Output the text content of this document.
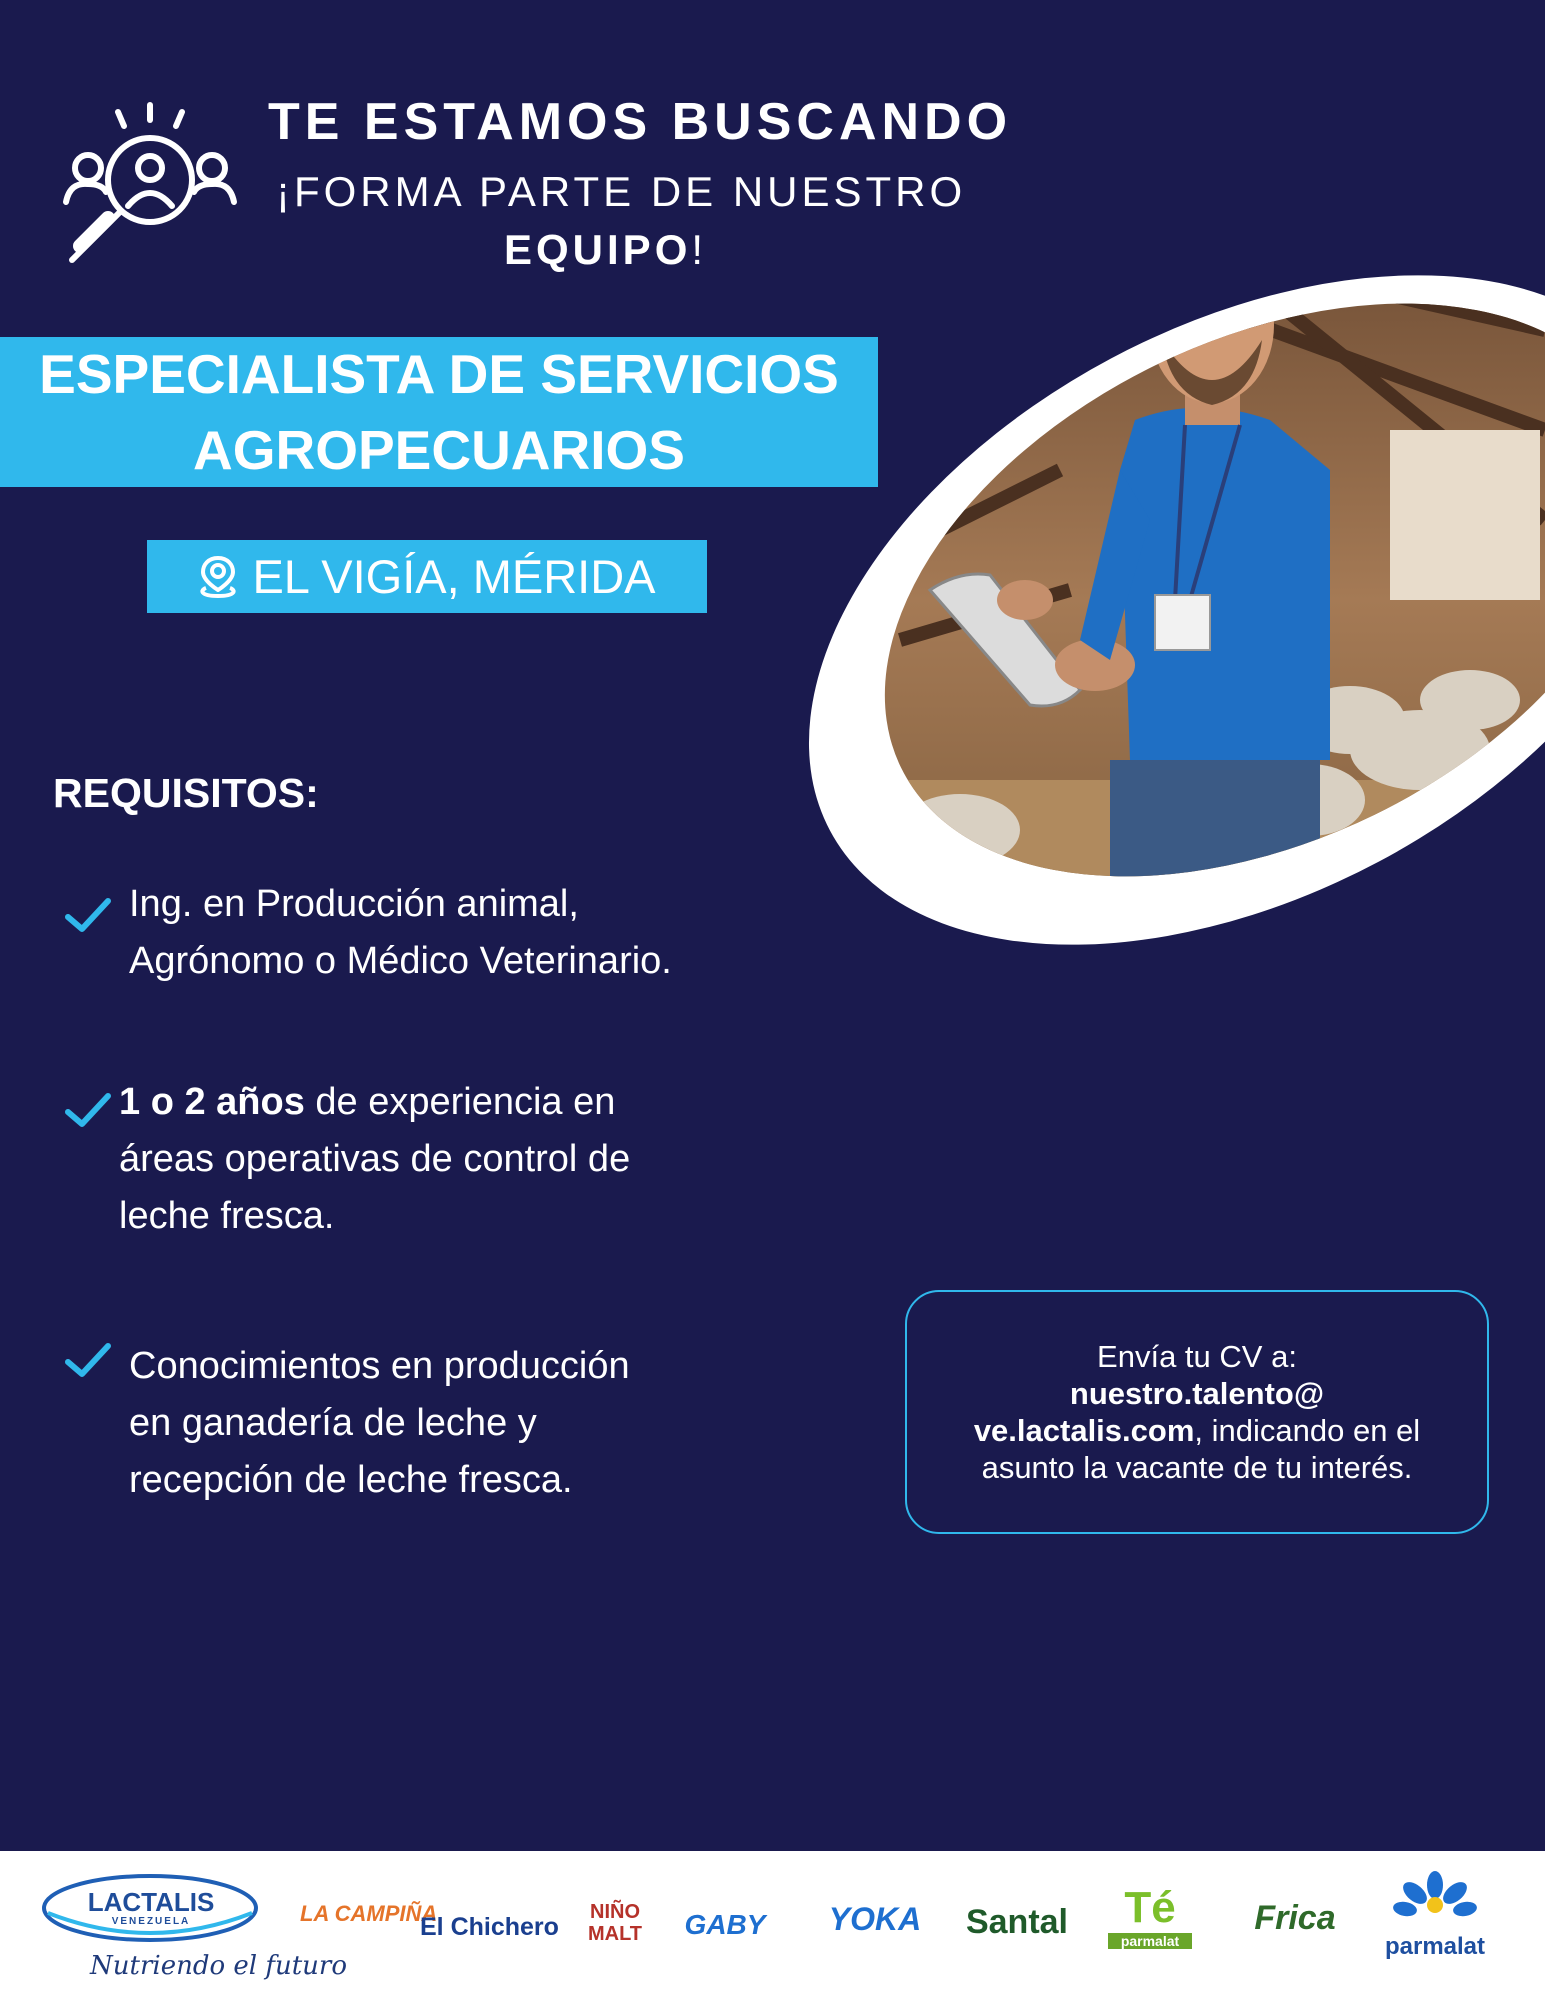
TE ESTAMOS BUSCANDO
¡FORMA PARTE DE NUESTRO
EQUIPO!
ESPECIALISTA DE SERVICIOS
AGROPECUARIOS
EL VIGÍA, MÉRIDA
REQUISITOS:
Ing. en Producción animal,
Agrónomo o Médico Veterinario.
1 o 2 años de experiencia en
áreas operativas de control de
leche fresca.
Conocimientos en producción
en ganadería de leche y
recepción de leche fresca.
Envía tu CV a:
nuestro.talento@
ve.lactalis.com, indicando en el
asunto la vacante de tu interés.
LACTALIS
VENEZUELA
Nutriendo el futuro
LA CAMPIÑA
El Chichero
NIÑO MALT	GABY	YOKA Santal	Té
parmalat
Frica
parmalat
